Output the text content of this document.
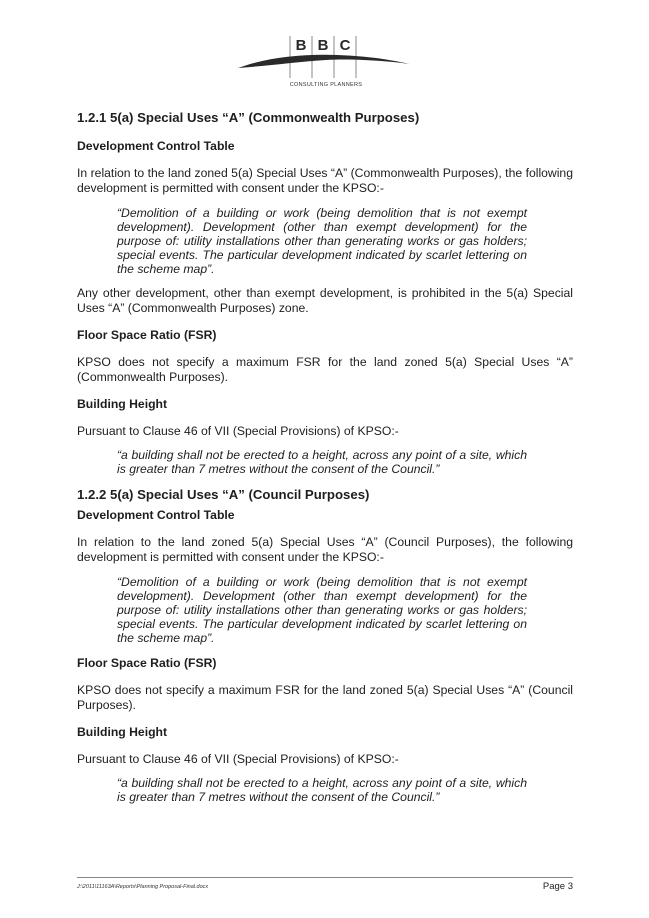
B B C
CONSULTING PLANNERS
1.2.1 5(a) Special Uses “A” (Commonwealth Purposes)
Development Control Table

In relation to the land zoned 5(a) Special Uses “A” (Commonwealth Purposes), the following development is permitted with consent under the KPSO:-

“Demolition of a building or work (being demolition that is not exempt development). Development (other than exempt development) for the purpose of: utility installations other than generating works or gas holders; special events. The particular development indicated by scarlet lettering on the scheme map”.

Any other development, other than exempt development, is prohibited in the 5(a) Special Uses “A” (Commonwealth Purposes) zone.

Floor Space Ratio (FSR)

KPSO does not specify a maximum FSR for the land zoned 5(a) Special Uses “A” (Commonwealth Purposes).

Building Height

Pursuant to Clause 46 of VII (Special Provisions) of KPSO:-

“a building shall not be erected to a height, across any point of a site, which is greater than 7 metres without the consent of the Council.”
1.2.2 5(a) Special Uses “A” (Council Purposes)
Development Control Table

In relation to the land zoned 5(a) Special Uses “A” (Council Purposes), the following development is permitted with consent under the KPSO:-

“Demolition of a building or work (being demolition that is not exempt development). Development (other than exempt development) for the purpose of: utility installations other than generating works or gas holders; special events. The particular development indicated by scarlet lettering on the scheme map”.
Floor Space Ratio (FSR)

KPSO does not specify a maximum FSR for the land zoned 5(a) Special Uses “A” (Council Purposes).

Building Height

Pursuant to Clause 46 of VII (Special Provisions) of KPSO:-

“a building shall not be erected to a height, across any point of a site, which is greater than 7 metres without the consent of the Council.”
J:\2011\11163A\Reports\Planning Proposal-Final.docx	Page 3
